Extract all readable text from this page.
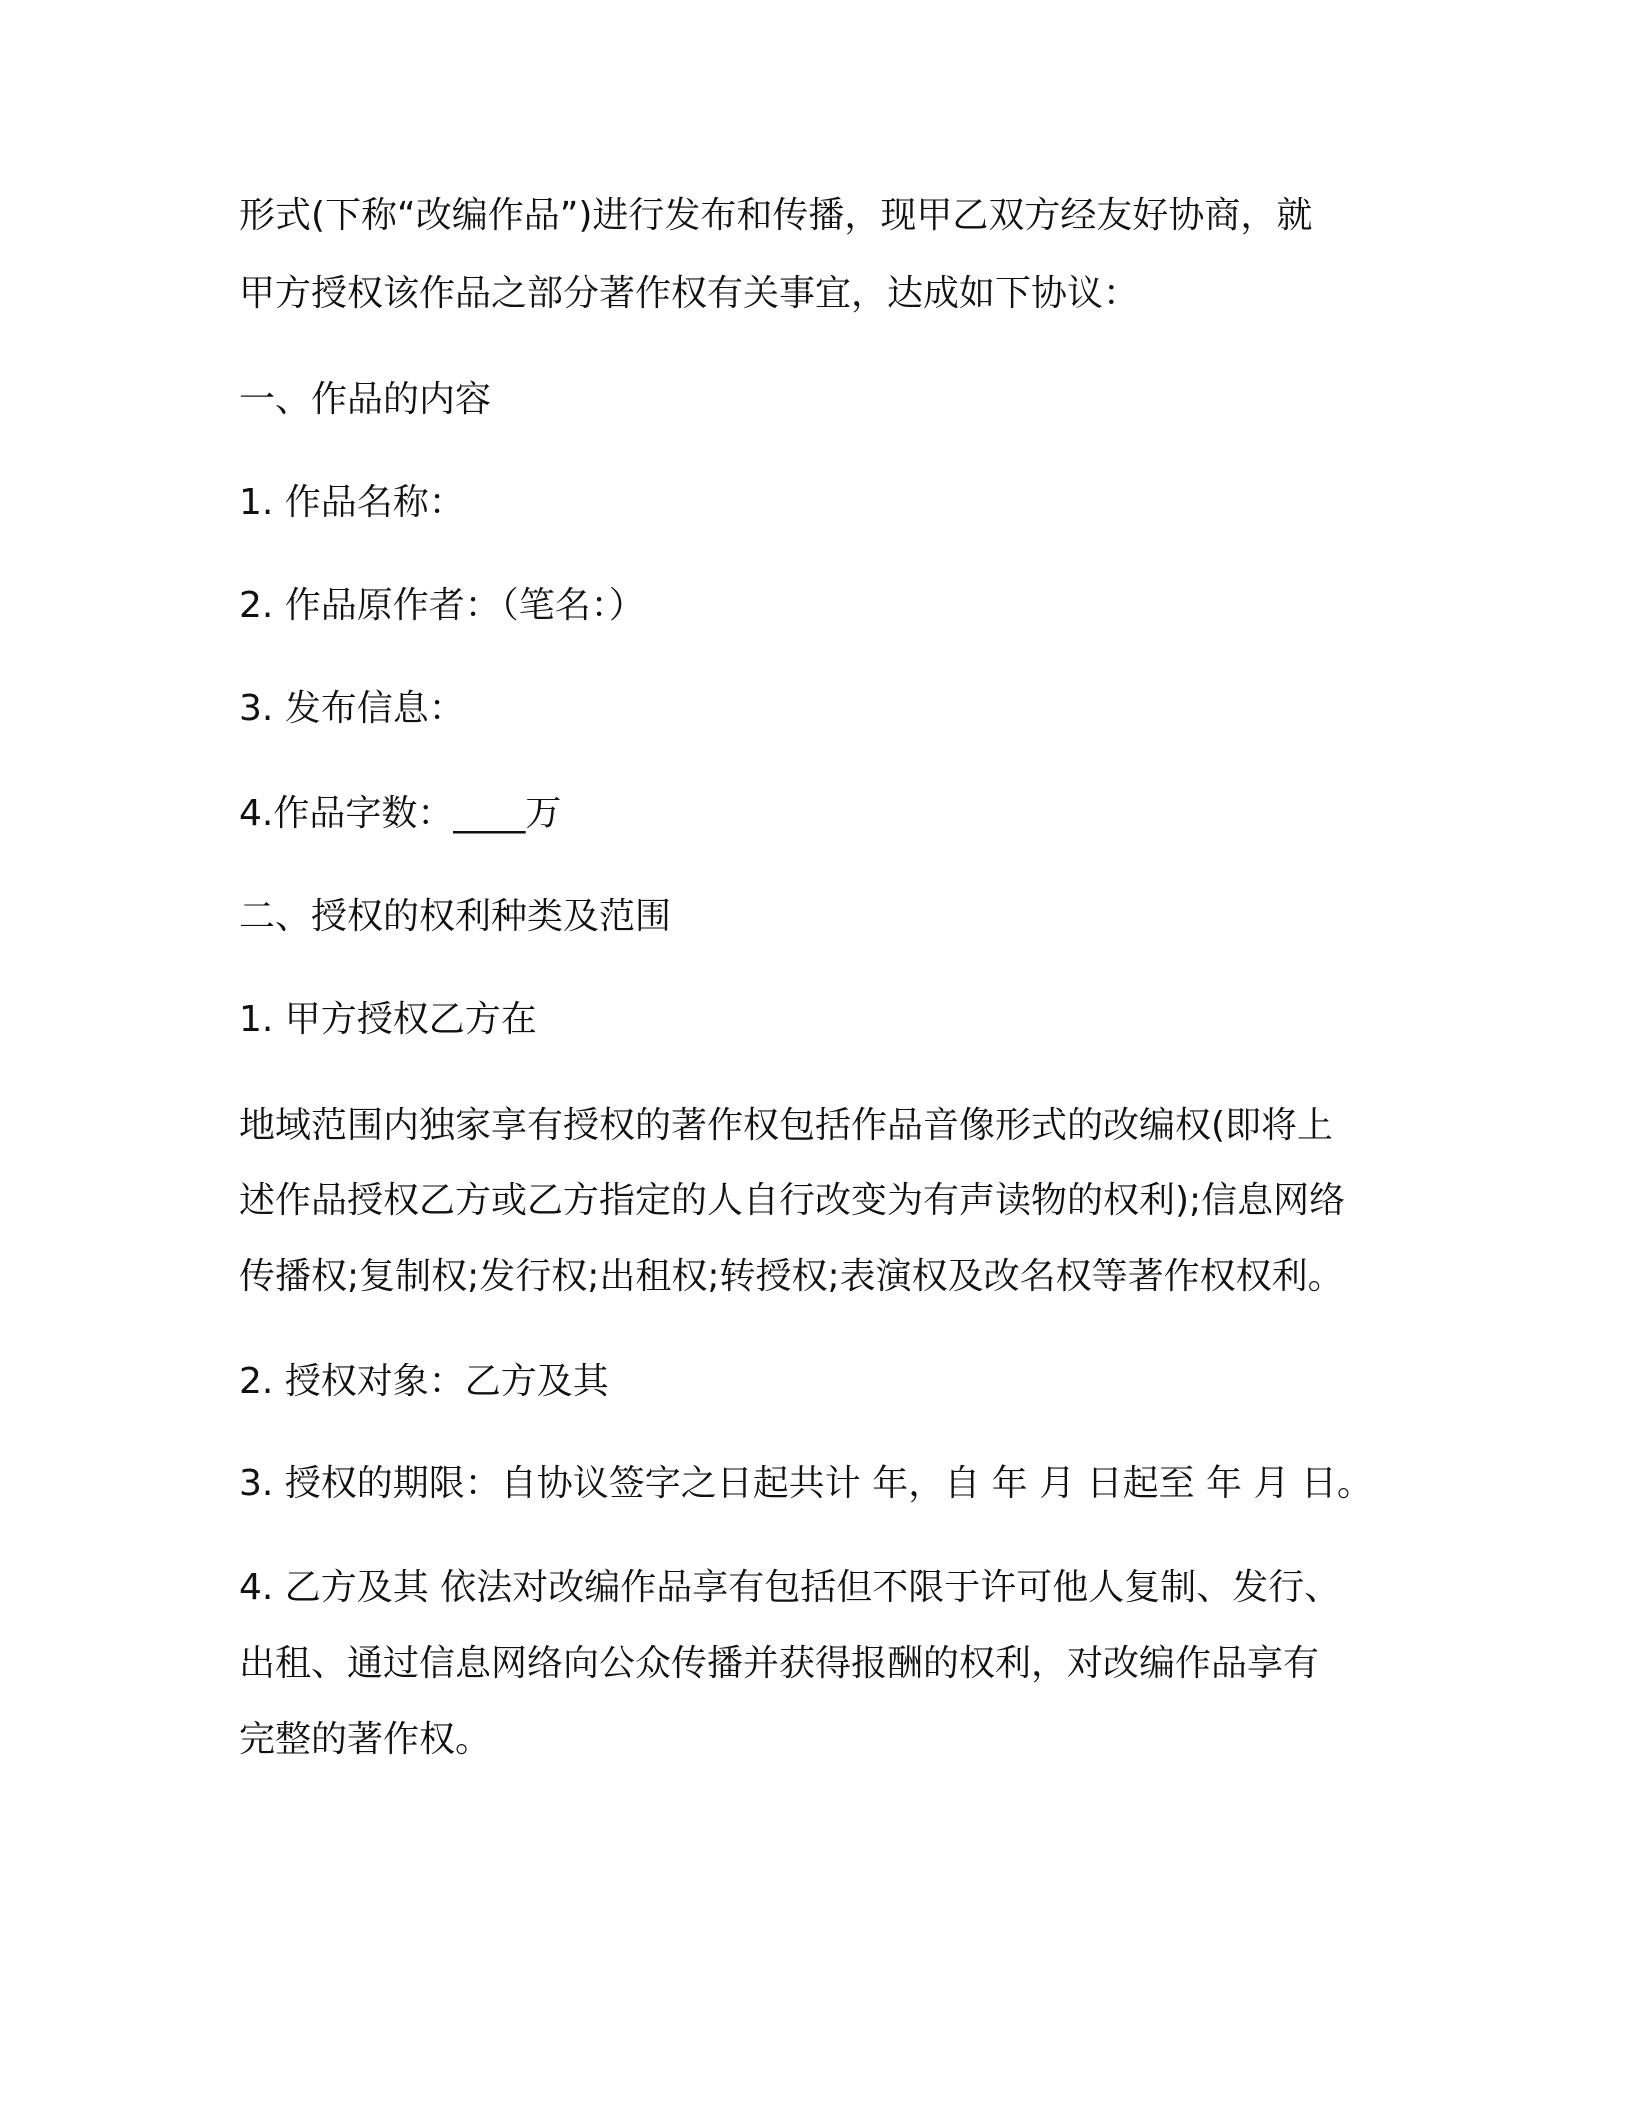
形式(下称“改编作品”)进行发布和传播，现甲乙双方经友好协商，就

甲方授权该作品之部分著作权有关事宜，达成如下协议：

一、作品的内容

1. 作品名称：

2. 作品原作者：（笔名：）

3. 发布信息：

4.作品字数：____万

二、授权的权利种类及范围

1. 甲方授权乙方在

地域范围内独家享有授权的著作权包括作品音像形式的改编权(即将上

述作品授权乙方或乙方指定的人自行改变为有声读物的权利);信息网络

传播权;复制权;发行权;出租权;转授权;表演权及改名权等著作权权利。

2. 授权对象：乙方及其

3. 授权的期限：自协议签字之日起共计 年，自 年 月 日起至 年 月 日。

4. 乙方及其 依法对改编作品享有包括但不限于许可他人复制、发行、

出租、通过信息网络向公众传播并获得报酬的权利，对改编作品享有

完整的著作权。
